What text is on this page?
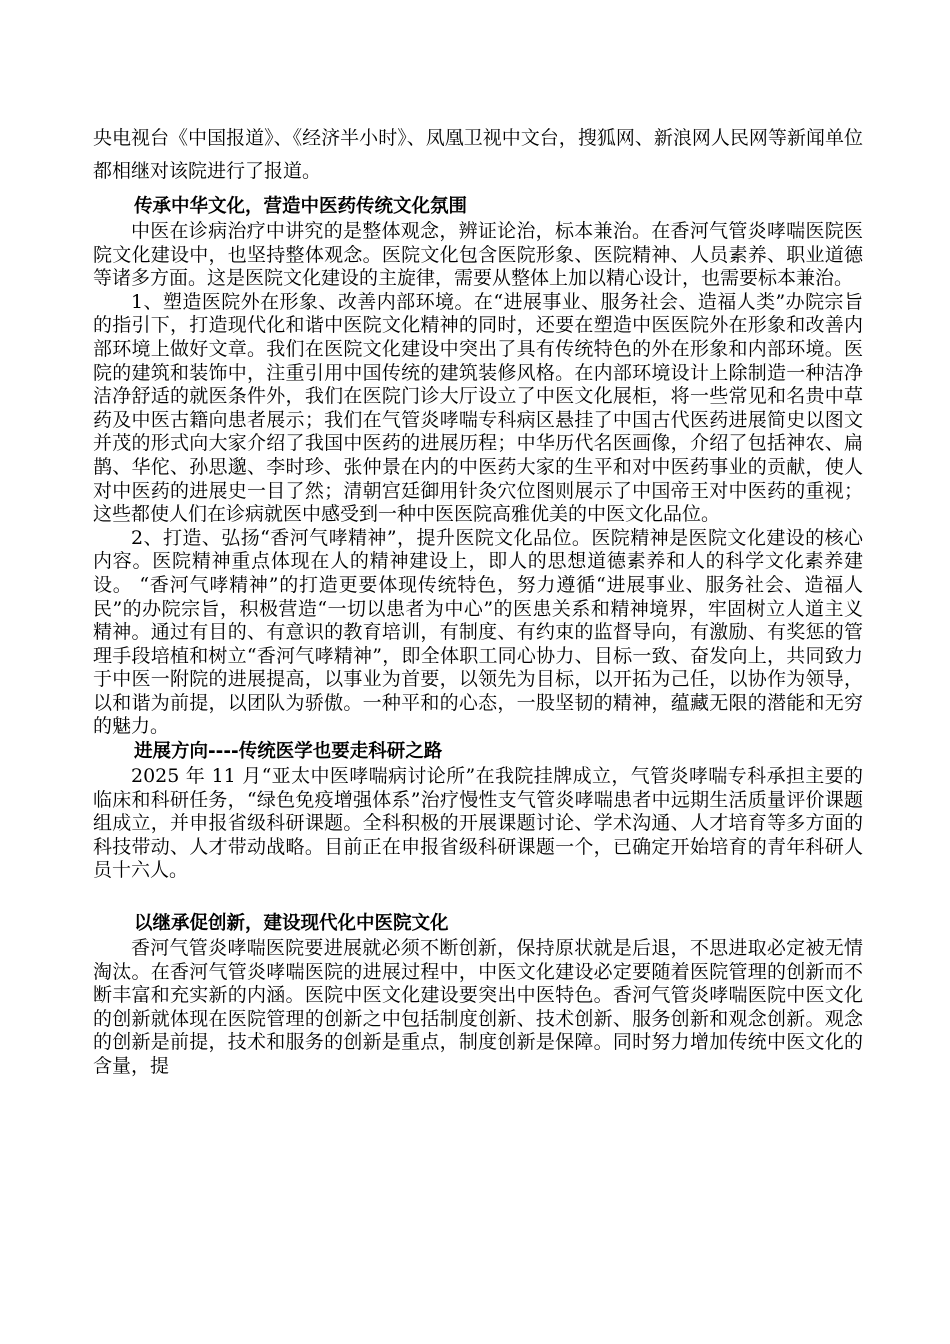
央电视台《中国报道》、《经济半小时》、凤凰卫视中文台，搜狐网、新浪网人民网等新闻单位都相继对该院进行了报道。

传承中华文化，营造中医药传统文化氛围

中医在诊病治疗中讲究的是整体观念，辨证论治，标本兼治。在香河气管炎哮喘医院医院文化建设中，也坚持整体观念。医院文化包含医院形象、医院精神、人员素养、职业道德等诸多方面。这是医院文化建设的主旋律，需要从整体上加以精心设计，也需要标本兼治。

1、塑造医院外在形象、改善内部环境。在“进展事业、服务社会、造福人类”办院宗旨的指引下，打造现代化和谐中医院文化精神的同时，还要在塑造中医医院外在形象和改善内部环境上做好文章。我们在医院文化建设中突出了具有传统特色的外在形象和内部环境。医院的建筑和装饰中，注重引用中国传统的建筑装修风格。在内部环境设计上除制造一种洁净洁净舒适的就医条件外，我们在医院门诊大厅设立了中医文化展柜，将一些常见和名贵中草药及中医古籍向患者展示；我们在气管炎哮喘专科病区悬挂了中国古代医药进展简史以图文并茂的形式向大家介绍了我国中医药的进展历程；中华历代名医画像，介绍了包括神农、扁鹊、华佗、孙思邈、李时珍、张仲景在内的中医药大家的生平和对中医药事业的贡献，使人对中医药的进展史一目了然；清朝宫廷御用针灸穴位图则展示了中国帝王对中医药的重视；这些都使人们在诊病就医中感受到一种中医医院高雅优美的中医文化品位。

2、打造、弘扬“香河气哮精神”，提升医院文化品位。医院精神是医院文化建设的核心内容。医院精神重点体现在人的精神建设上，即人的思想道德素养和人的科学文化素养建设。 “香河气哮精神”的打造更要体现传统特色，努力遵循“进展事业、服务社会、造福人民”的办院宗旨，积极营造“一切以患者为中心”的医患关系和精神境界，牢固树立人道主义精神。通过有目的、有意识的教育培训，有制度、有约束的监督导向，有激励、有奖惩的管理手段培植和树立“香河气哮精神”，即全体职工同心协力、目标一致、奋发向上，共同致力于中医一附院的进展提高，以事业为首要，以领先为目标，以开拓为己任，以协作为领导，以和谐为前提，以团队为骄傲。一种平和的心态，一股坚韧的精神，蕴藏无限的潜能和无穷的魅力。

进展方向----传统医学也要走科研之路

2025 年 11 月“亚太中医哮喘病讨论所”在我院挂牌成立，气管炎哮喘专科承担主要的临床和科研任务，“绿色免疫增强体系”治疗慢性支气管炎哮喘患者中远期生活质量评价课题组成立，并申报省级科研课题。全科积极的开展课题讨论、学术沟通、人才培育等多方面的科技带动、人才带动战略。目前正在申报省级科研课题一个，已确定开始培育的青年科研人员十六人。

以继承促创新，建设现代化中医院文化

香河气管炎哮喘医院要进展就必须不断创新，保持原状就是后退，不思进取必定被无情淘汰。在香河气管炎哮喘医院的进展过程中，中医文化建设必定要随着医院管理的创新而不断丰富和充实新的内涵。医院中医文化建设要突出中医特色。香河气管炎哮喘医院中医文化的创新就体现在医院管理的创新之中包括制度创新、技术创新、服务创新和观念创新。观念的创新是前提，技术和服务的创新是重点，制度创新是保障。同时努力增加传统中医文化的含量，提
